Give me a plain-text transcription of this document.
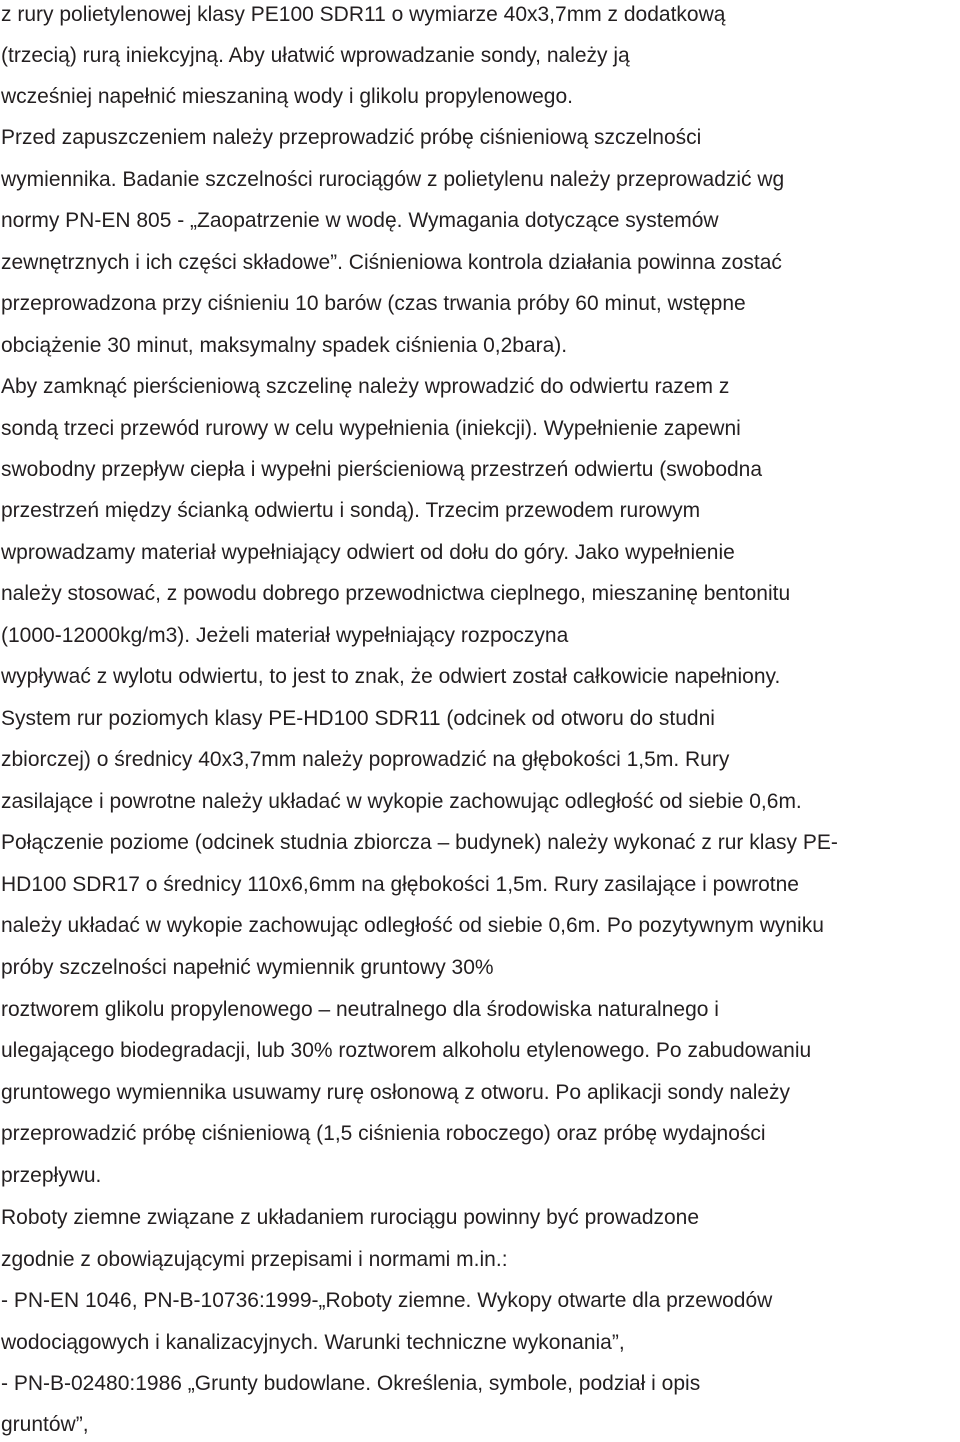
z rury polietylenowej klasy PE100 SDR11 o wymiarze 40x3,7mm z dodatkową
(trzecią) rurą iniekcyjną. Aby ułatwić wprowadzanie sondy, należy ją
wcześniej napełnić mieszaniną wody i glikolu propylenowego.
Przed zapuszczeniem należy przeprowadzić próbę ciśnieniową szczelności
wymiennika. Badanie szczelności rurociągów z polietylenu należy przeprowadzić wg
normy PN-EN 805 - „Zaopatrzenie w wodę. Wymagania dotyczące systemów
zewnętrznych i ich części składowe”. Ciśnieniowa kontrola działania powinna zostać
przeprowadzona przy ciśnieniu 10 barów (czas trwania próby 60 minut, wstępne
obciążenie 30 minut, maksymalny spadek ciśnienia 0,2bara).
Aby zamknąć pierścieniową szczelinę należy wprowadzić do odwiertu razem z
sondą trzeci przewód rurowy w celu wypełnienia (iniekcji). Wypełnienie zapewni
swobodny przepływ ciepła i wypełni pierścieniową przestrzeń odwiertu (swobodna
przestrzeń między ścianką odwiertu i sondą). Trzecim przewodem rurowym
wprowadzamy materiał wypełniający odwiert od dołu do góry. Jako wypełnienie
należy stosować, z powodu dobrego przewodnictwa cieplnego, mieszaninę bentonitu
(1000-12000kg/m3). Jeżeli materiał wypełniający rozpoczyna
wypływać z wylotu odwiertu, to jest to znak, że odwiert został całkowicie napełniony.
System rur poziomych klasy PE-HD100 SDR11 (odcinek od otworu do studni
zbiorczej) o średnicy 40x3,7mm należy poprowadzić na głębokości 1,5m. Rury
zasilające i powrotne należy układać w wykopie zachowując odległość od siebie 0,6m.
Połączenie poziome (odcinek studnia zbiorcza – budynek) należy wykonać z rur klasy PE-
HD100 SDR17 o średnicy 110x6,6mm na głębokości 1,5m. Rury zasilające i powrotne
należy układać w wykopie zachowując odległość od siebie 0,6m. Po pozytywnym wyniku
próby szczelności napełnić wymiennik gruntowy 30%
roztworem glikolu propylenowego – neutralnego dla środowiska naturalnego i
ulegającego biodegradacji, lub 30% roztworem alkoholu etylenowego. Po zabudowaniu
gruntowego wymiennika usuwamy rurę osłonową z otworu. Po aplikacji sondy należy
przeprowadzić próbę ciśnieniową (1,5 ciśnienia roboczego) oraz próbę wydajności
przepływu.
Roboty ziemne związane z układaniem rurociągu powinny być prowadzone
zgodnie z obowiązującymi przepisami i normami m.in.:
- PN-EN 1046, PN-B-10736:1999-„Roboty ziemne. Wykopy otwarte dla przewodów
wodociągowych i kanalizacyjnych. Warunki techniczne wykonania”,
- PN-B-02480:1986 „Grunty budowlane. Określenia, symbole, podział i opis
gruntów”,
